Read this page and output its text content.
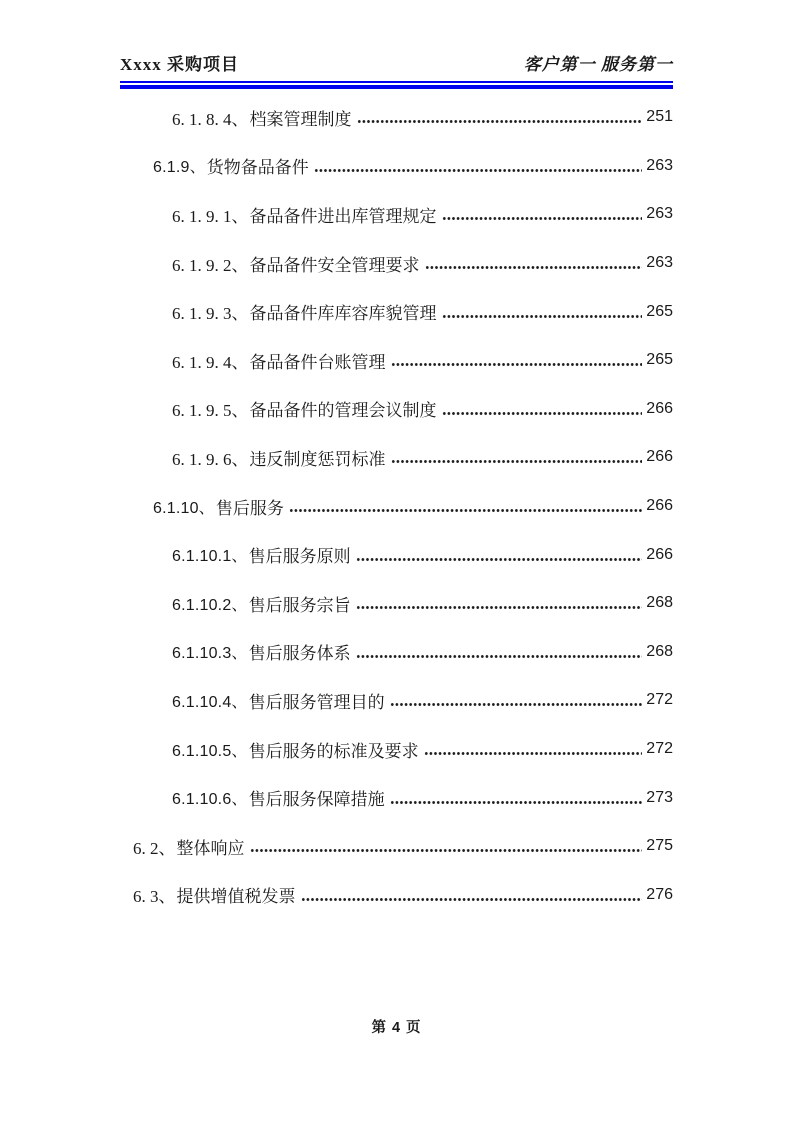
Xxxx 采购项目	客户第一 服务第一
6. 1. 8. 4、 档案管理制度	251
6.1.9、 货物备品备件	263
6. 1. 9. 1、 备品备件进出库管理规定	263
6. 1. 9. 2、 备品备件安全管理要求	263
6. 1. 9. 3、 备品备件库库容库貌管理	265
6. 1. 9. 4、 备品备件台账管理	265
6. 1. 9. 5、 备品备件的管理会议制度	266
6. 1. 9. 6、 违反制度惩罚标准	266
6.1.10、 售后服务	266
6.1.10.1、 售后服务原则	266
6.1.10.2、 售后服务宗旨	268
6.1.10.3、 售后服务体系	268
6.1.10.4、 售后服务管理目的	272
6.1.10.5、 售后服务的标准及要求	272
6.1.10.6、 售后服务保障措施	273
6. 2、 整体响应	275
6. 3、 提供增值税发票	276
第 4 页
